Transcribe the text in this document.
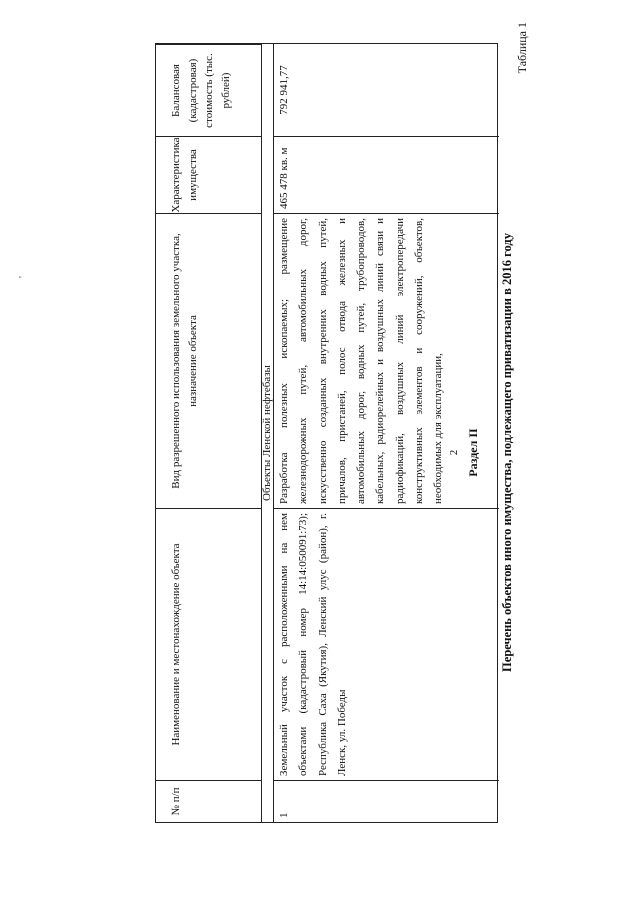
'
2 Раздел II Перечень объектов иного имущества, подлежащего приватизации в 2016 году
Таблица 1
№ п/п
Наименование и местонахождение объекта
Вид разрешенного использования земельного участка, назначение объекта
Характеристика имущества
Балансовая (кадастровая) стоимость (тыс. рублей)
Объекты Ленской нефтебазы
1
Земельный участок с расположенными на нем объектами (кадастровый номер 14:14:050091:73); Республика Саха (Якутия), Ленский улус (район), г. Ленск, ул. Победы
Разработка полезных ископаемых; размещение железнодорожных путей, автомобильных дорог, искусственно созданных внутренних водных путей, причалов, пристаней, полос отвода железных и автомобильных дорог, водных путей, трубопроводов, кабельных, радиорелейных и воздушных линий связи и радиофикаций, воздушных линий электропередачи конструктивных элементов и сооружений, объектов, необходимых для эксплуатации,
465 478 кв. м
792 941,77
